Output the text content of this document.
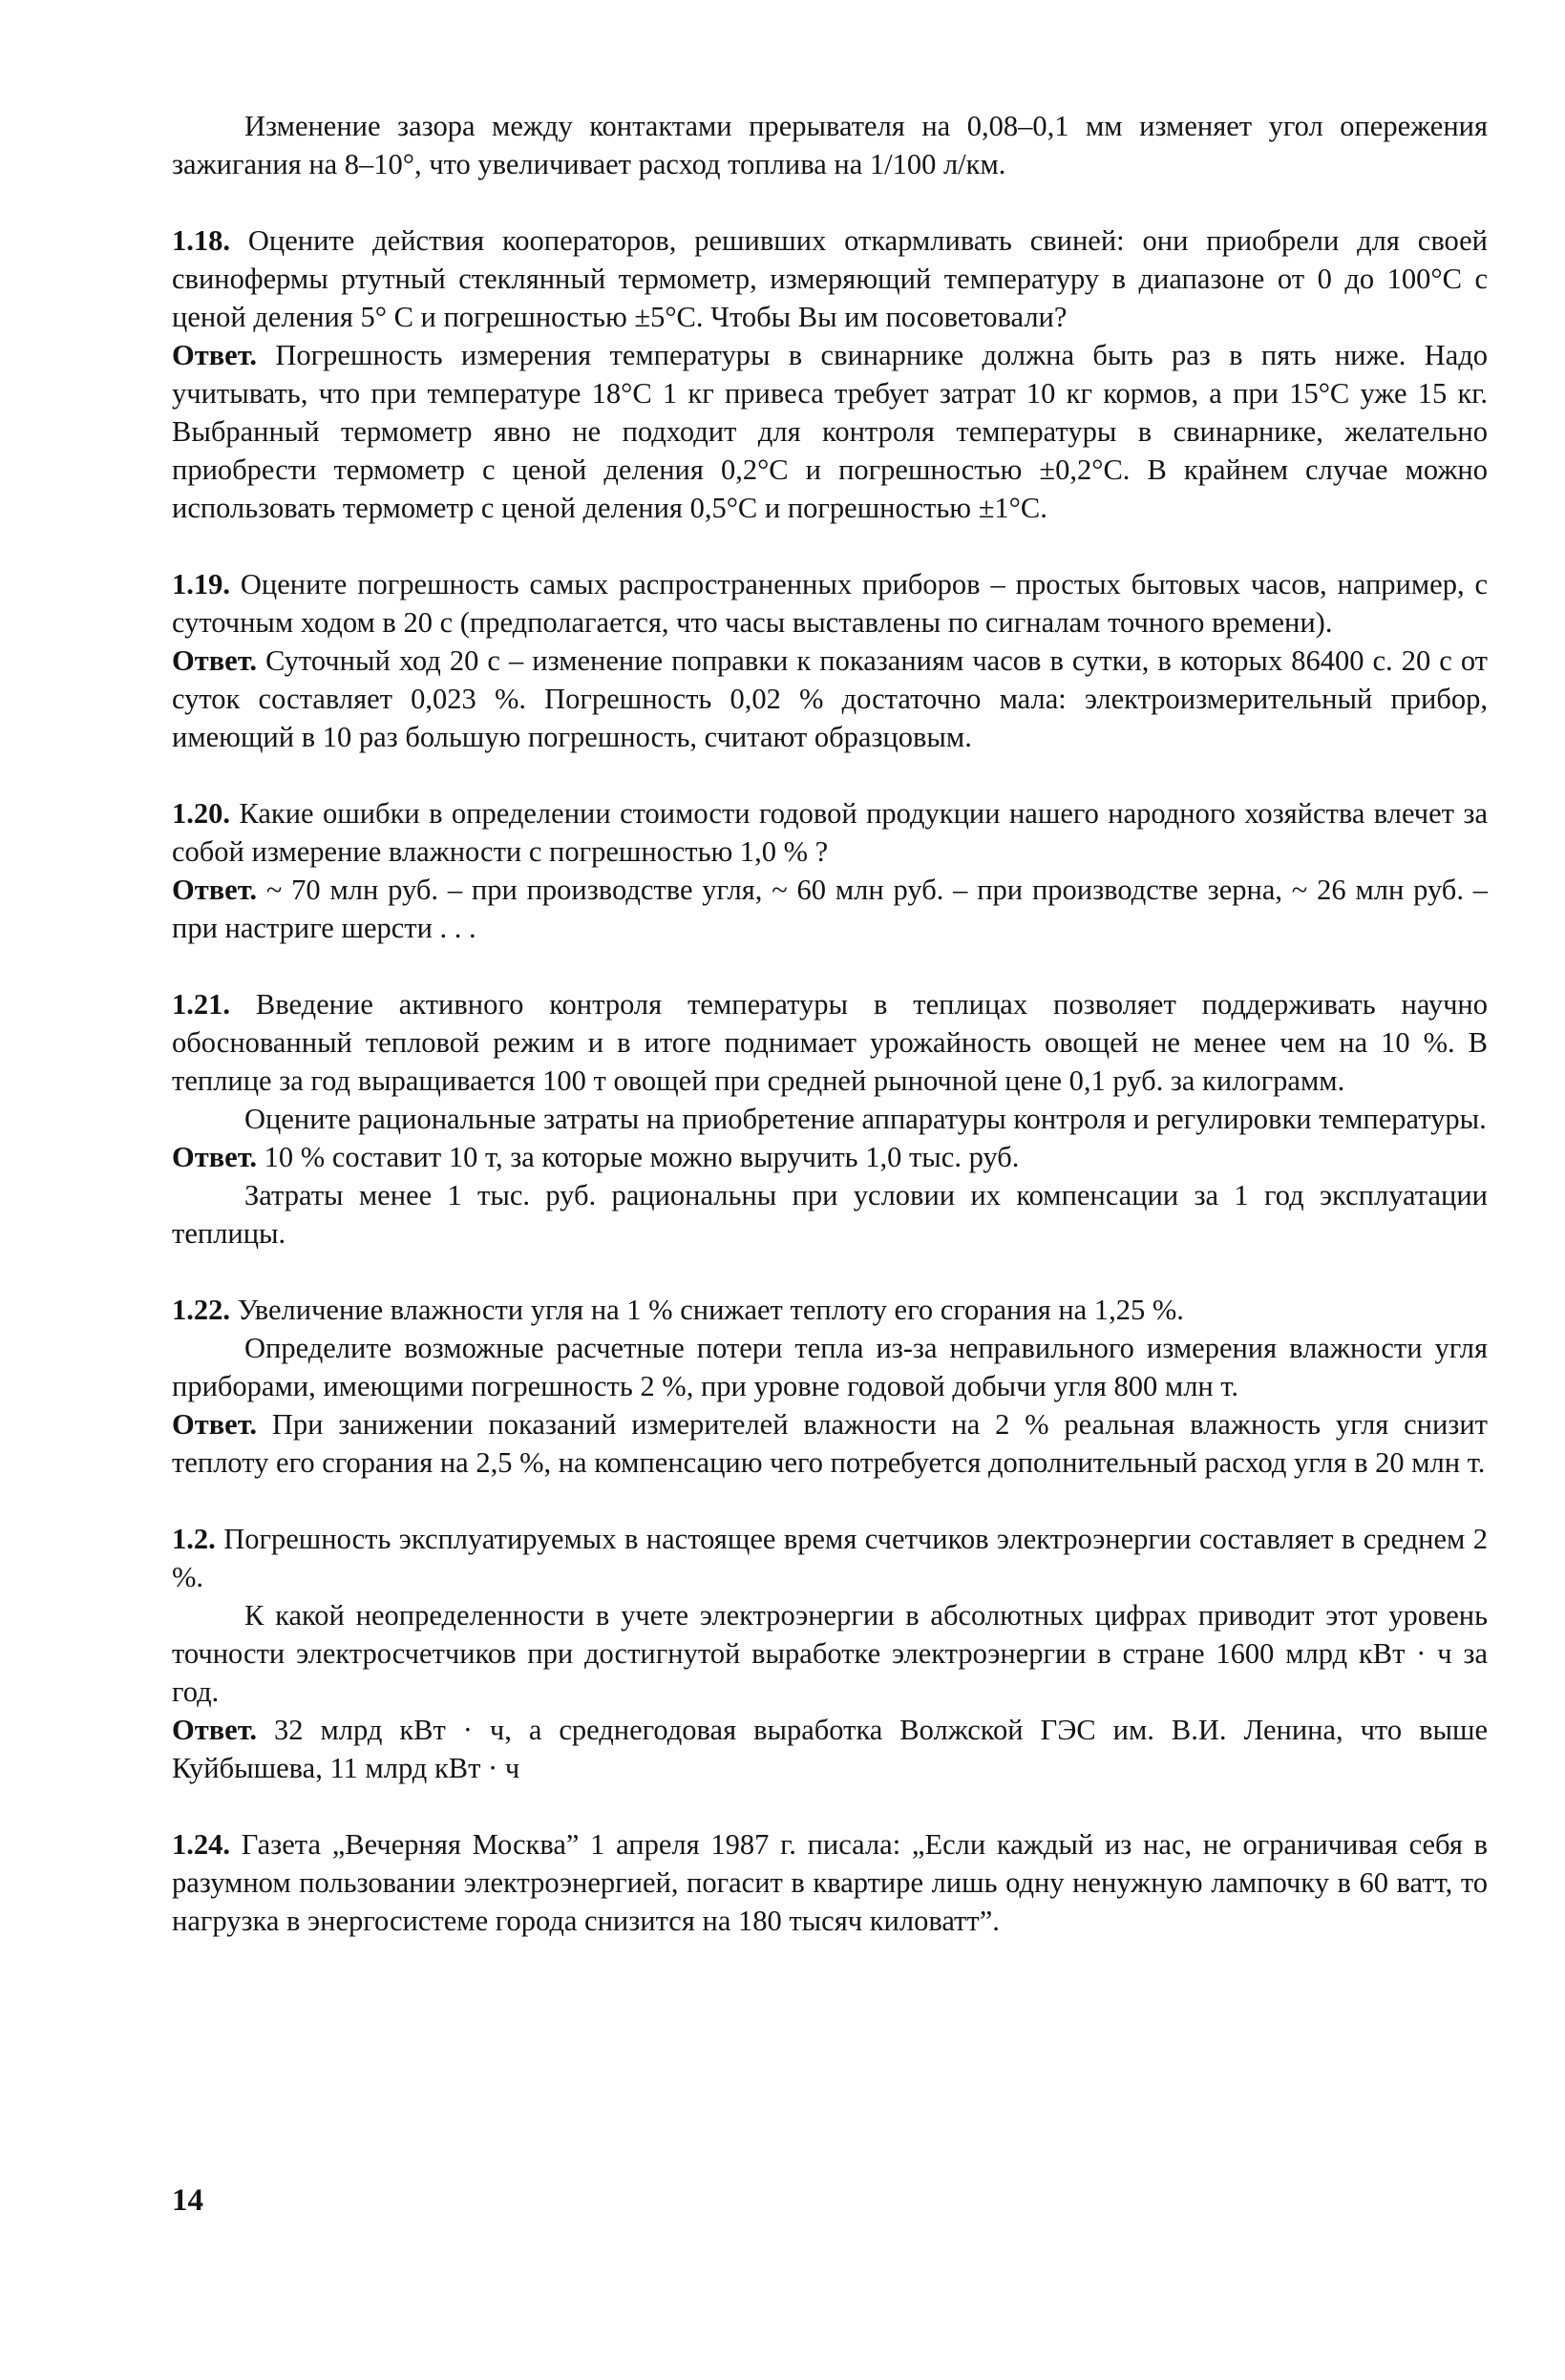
Изменение зазора между контактами прерывателя на 0,08–0,1 мм изменяет угол опережения зажигания на 8–10°, что увеличивает расход топлива на 1/100 л/км.

1.18. Оцените действия кооператоров, решивших откармливать свиней: они приобрели для своей свинофермы ртутный стеклянный термометр, измеряющий температуру в диапазоне от 0 до 100°С с ценой деления 5° С и погрешностью ±5°С. Чтобы Вы им посоветовали?

Ответ. Погрешность измерения температуры в свинарнике должна быть раз в пять ниже. Надо учитывать, что при температуре 18°С 1 кг привеса требует затрат 10 кг кормов, а при 15°С уже 15 кг. Выбранный термометр явно не подходит для контроля температуры в свинарнике, желательно приобрести термометр с ценой деления 0,2°С и погрешностью ±0,2°С. В крайнем случае можно использовать термометр с ценой деления 0,5°С и погрешностью ±1°С.

1.19. Оцените погрешность самых распространенных приборов – простых бытовых часов, например, с суточным ходом в 20 с (предполагается, что часы выставлены по сигналам точного времени).

Ответ. Суточный ход 20 с – изменение поправки к показаниям часов в сутки, в которых 86400 с. 20 с от суток составляет 0,023 %. Погрешность 0,02 % достаточно мала: электроизмерительный прибор, имеющий в 10 раз большую погрешность, считают образцовым.

1.20. Какие ошибки в определении стоимости годовой продукции нашего народного хозяйства влечет за собой измерение влажности с погрешностью 1,0 % ?

Ответ. ~ 70 млн руб. – при производстве угля, ~ 60 млн руб. – при производстве зерна, ~ 26 млн руб. – при настриге шерсти . . .

1.21. Введение активного контроля температуры в теплицах позволяет поддерживать научно обоснованный тепловой режим и в итоге поднимает урожайность овощей не менее чем на 10 %. В теплице за год выращивается 100 т овощей при средней рыночной цене 0,1 руб. за килограмм.

Оцените рациональные затраты на приобретение аппаратуры контроля и регулировки температуры.

Ответ. 10 % составит 10 т, за которые можно выручить 1,0 тыс. руб.

Затраты менее 1 тыс. руб. рациональны при условии их компенсации за 1 год эксплуатации теплицы.

1.22. Увеличение влажности угля на 1 % снижает теплоту его сгорания на 1,25 %.

Определите возможные расчетные потери тепла из-за неправильного измерения влажности угля приборами, имеющими погрешность 2 %, при уровне годовой добычи угля 800 млн т.

Ответ. При занижении показаний измерителей влажности на 2 % реальная влажность угля снизит теплоту его сгорания на 2,5 %, на компенсацию чего потребуется дополнительный расход угля в 20 млн т.

1.2. Погрешность эксплуатируемых в настоящее время счетчиков электроэнергии составляет в среднем 2 %.

К какой неопределенности в учете электроэнергии в абсолютных цифрах приводит этот уровень точности электросчетчиков при достигнутой выработке электроэнергии в стране 1600 млрд кВт · ч за год.

Ответ. 32 млрд кВт · ч, а среднегодовая выработка Волжской ГЭС им. В.И. Ленина, что выше Куйбышева, 11 млрд кВт · ч

1.24. Газета „Вечерняя Москва” 1 апреля 1987 г. писала: „Если каждый из нас, не ограничивая себя в разумном пользовании электроэнергией, погасит в квартире лишь одну ненужную лампочку в 60 ватт, то нагрузка в энергосистеме города снизится на 180 тысяч киловатт”.

14
